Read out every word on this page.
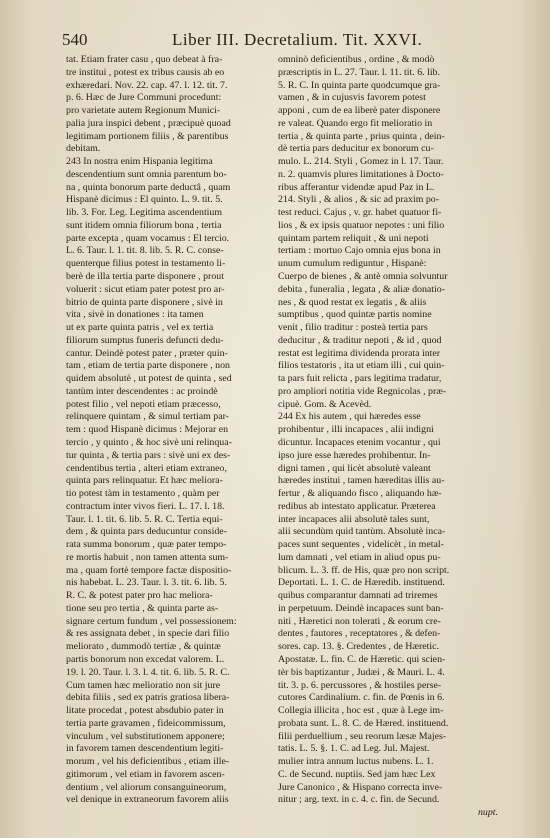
540	Liber III. Decretalium. Tit. XXVI.
tat. Etiam frater casu , quo debeat à fra-
tre institui , potest ex tribus causis ab eo
exhæredari. Nov. 22. cap. 47. l. 12. tit. 7.
p. 6. Hæc de Jure Communi procedunt:
pro varietate autem Regionum Munici-
palia jura inspici debent , præcipuè quoad
legitimam portionem filiis , & parentibus
debitam.
243 In nostra enim Hispania legitima
descendentium sunt omnia parentum bo-
na , quinta bonorum parte deductâ , quam
Hispanè dicimus : El quinto. L. 9. tit. 5.
lib. 3. For. Leg. Legitima ascendentium
sunt itidem omnia filiorum bona , tertia
parte excepta , quam vocamus : El tercio.
L. 6. Taur. l. 1. tit. 8. lib. 5. R. C. conse-
quenterque filius potest in testamento li-
berè de illa tertia parte disponere , prout
voluerit : sicut etiam pater potest pro ar-
bitrio de quinta parte disponere , sivè in
vita , sivè in donationes : ita tamen
ut ex parte quinta patris , vel ex tertia
filiorum sumptus funeris defuncti dedu-
cantur. Deindè potest pater , præter quin-
tam , etiam de tertia parte disponere , non
quidem absolutè , ut potest de quinta , sed
tantùm inter descendentes : ac proindè
potest filio , vel nepoti etiam præcesso,
relinquere quintam , & simul tertiam par-
tem : quod Hispanè dicimus : Mejorar en
tercio , y quinto , & hoc sivè uni relinqua-
tur quinta , & tertia pars : sivè uni ex des-
cendentibus tertia , alteri etiam extraneo,
quinta pars relinquatur. Et hæc meliora-
tio potest tàm in testamento , quàm per
contractum inter vivos fieri. L. 17. l. 18.
Taur. l. 1. tit. 6. lib. 5. R. C. Tertia equi-
dem , & quinta pars deducuntur conside-
rata summa bonorum , quæ pater tempo-
re mortis habuit , non tamen attenta sum-
ma , quam fortè tempore factæ dispositio-
nis habebat. L. 23. Taur. l. 3. tit. 6. lib. 5.
R. C. & potest pater pro hac meliora-
tione seu pro tertia , & quinta parte as-
signare certum fundum , vel possessionem:
& res assignata debet , in specie dari filio
meliorato , dummodò tertiæ , & quintæ
partis bonorum non excedat valorem. L.
19. l. 20. Taur. l. 3. l. 4. tit. 6. lib. 5. R. C.
Cum tamen hæc melioratio non sit jure
debita filiis , sed ex patris gratiosa libera-
litate procedat , potest absdubio pater in
tertia parte gravamen , fideicommissum,
vinculum , vel substitutionem apponere;
in favorem tamen descendentium legiti-
morum , vel his deficientibus , etiam ille-
gitimorum , vel etiam in favorem ascen-
dentium , vel aliorum consanguineorum,
vel denique in extraneorum favorem aliis
omninò deficientibus , ordine , & modò
præscriptis in L. 27. Taur. l. 11. tit. 6. lib.
5. R. C. In quinta parte quodcumque gra-
vamen , & in cujusvis favorem potest
apponi , cum de ea liberè pater disponere
re valeat. Quando ergo fit melioratio in
tertia , & quinta parte , prius quinta , dein-
dè tertia pars deducitur ex bonorum cu-
mulo. L. 214. Styli , Gomez in l. 17. Taur.
n. 2. quamvis plures limitationes à Docto-
ribus afferantur videndæ apud Paz in L.
214. Styli , & alios , & sic ad praxim po-
test reduci. Cajus , v. gr. habet quatuor fi-
lios , & ex ipsis quatuor nepotes : uni filio
quintam partem reliquit , & uni nepoti
tertiam : mortuo Cajo omnia ejus bona in
unum cumulum rediguntur , Hispanè:
Cuerpo de bienes , & antè omnia solvuntur
debita , funeralia , legata , & aliæ donatio-
nes , & quod restat ex legatis , & aliis
sumptibus , quod quintæ partis nomine
venit , filio traditur : posteà tertia pars
deducitur , & traditur nepoti , & id , quod
restat est legitima dividenda prorata inter
filios testatoris , ita ut etiam illi , cui quin-
ta pars fuit relicta , pars legitima tradatur,
pro ampliori notitia vide Regnicolas , præ-
cipuè. Gom. & Acevèd.
244 Ex his autem , qui hæredes esse
prohibentur , illi incapaces , alii indigni
dicuntur. Incapaces etenim vocantur , qui
ipso jure esse hæredes prohibentur. In-
digni tamen , qui licèt absolutè valeant
hæredes institui , tamen hæreditas illis au-
fertur , & aliquando fisco , aliquando hæ-
redibus ab intestato applicatur. Præterea
inter incapaces alii absolutè tales sunt,
alii secundùm quid tantùm. Absolutè inca-
paces sunt sequentes , videlicèt , in metal-
lum damnati , vel etiam in aliud opus pu-
blicum. L. 3. ff. de His, quæ pro non script.
Deportati. L. 1. C. de Hæredib. instituend.
quibus comparantur damnati ad triremes
in perpetuum. Deindè incapaces sunt ban-
niti , Hæretici non tolerati , & eorum cre-
dentes , fautores , receptatores , & defen-
sores. cap. 13. §. Credentes , de Hæretic.
Apostatæ. L. fin. C. de Hæretic. qui scien-
tèr bis baptizantur , Judæi , & Mauri. L. 4.
tit. 3. p. 6. percussores , & hostiles perse-
cutores Cardinalium. c. fin. de Pœnis in 6.
Collegia illicita , hoc est , quæ à Lege im-
probata sunt. L. 8. C. de Hæred. instituend.
filii perduellium , seu reorum læsæ Majes-
tatis. L. 5. §. 1. C. ad Leg. Jul. Majest.
mulier intra annum luctus nubens. L. 1.
C. de Secund. nuptiis. Sed jam hæc Lex
Jure Canonico , & Hispano correcta inve-
nitur ; arg. text. in c. 4. c. fin. de Secund.
nupt.
